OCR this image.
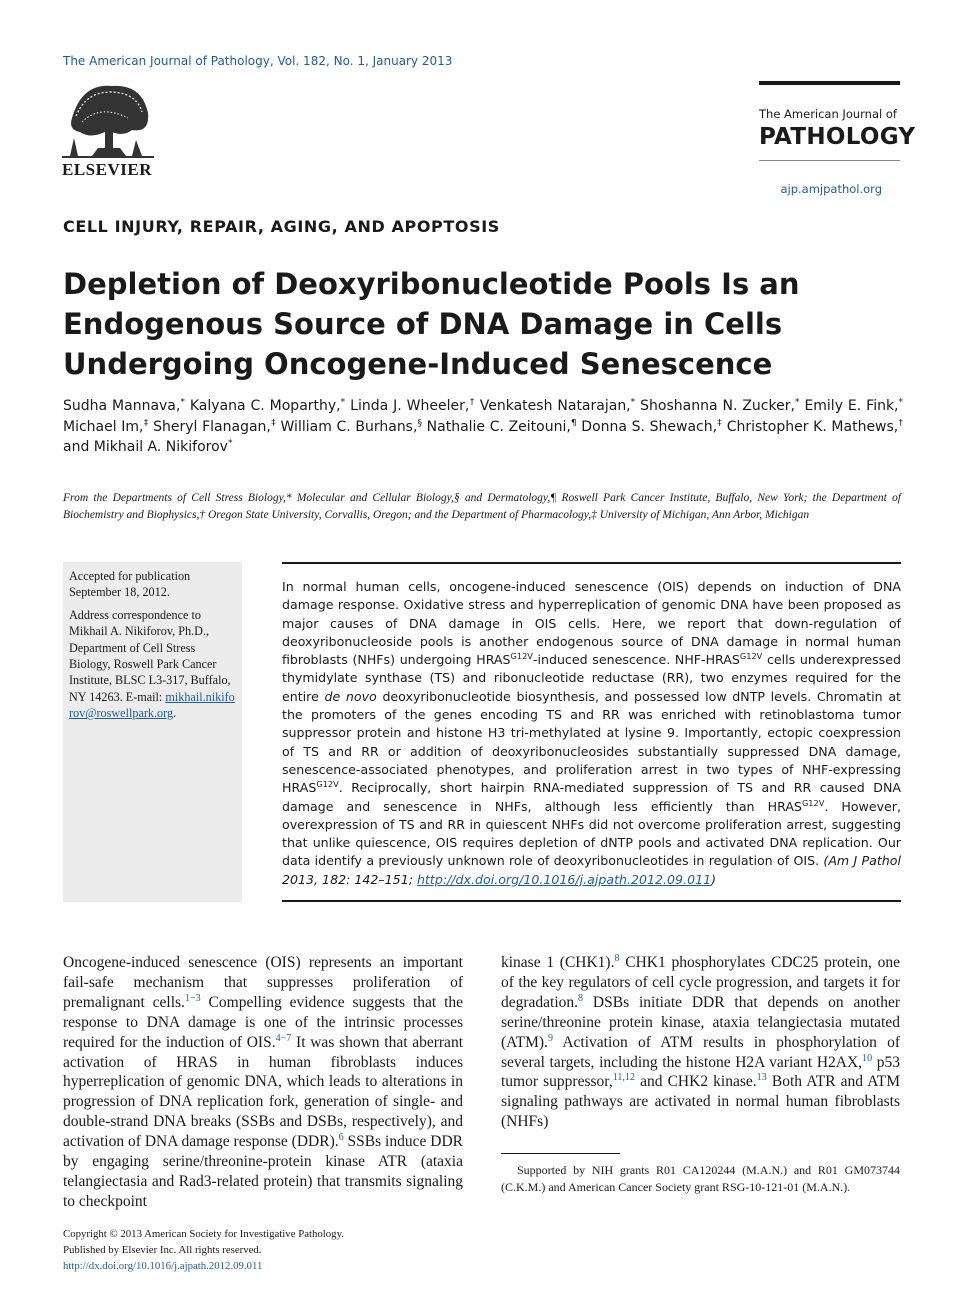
The American Journal of Pathology, Vol. 182, No. 1, January 2013
ELSEVIER
The American Journal of
PATHOLOGY
ajp.amjpathol.org
CELL INJURY, REPAIR, AGING, AND APOPTOSIS
Depletion of Deoxyribonucleotide Pools Is an Endogenous Source of DNA Damage in Cells Undergoing Oncogene-Induced Senescence
Sudha Mannava,* Kalyana C. Moparthy,* Linda J. Wheeler,† Venkatesh Natarajan,* Shoshanna N. Zucker,* Emily E. Fink,* Michael Im,‡ Sheryl Flanagan,‡ William C. Burhans,§ Nathalie C. Zeitouni,¶ Donna S. Shewach,‡ Christopher K. Mathews,† and Mikhail A. Nikiforov*
From the Departments of Cell Stress Biology,* Molecular and Cellular Biology,§ and Dermatology,¶ Roswell Park Cancer Institute, Buffalo, New York; the Department of Biochemistry and Biophysics,† Oregon State University, Corvallis, Oregon; and the Department of Pharmacology,‡ University of Michigan, Ann Arbor, Michigan
Accepted for publication September 18, 2012.
Address correspondence to Mikhail A. Nikiforov, Ph.D., Department of Cell Stress Biology, Roswell Park Cancer Institute, BLSC L3-317, Buffalo, NY 14263. E-mail: mikhail.nikiforov@roswellpark.org.
In normal human cells, oncogene-induced senescence (OIS) depends on induction of DNA damage response. Oxidative stress and hyperreplication of genomic DNA have been proposed as major causes of DNA damage in OIS cells. Here, we report that down-regulation of deoxyribonucleoside pools is another endogenous source of DNA damage in normal human fibroblasts (NHFs) undergoing $HRAS^{G12V}$-induced senescence. NHF-$HRAS^{G12V}$ cells underexpressed thymidylate synthase (TS) and ribonucleotide reductase (RR), two enzymes required for the entire de novo deoxyribonucleotide biosynthesis, and possessed low dNTP levels. Chromatin at the promoters of the genes encoding TS and RR was enriched with retinoblastoma tumor suppressor protein and histone H3 tri-methylated at lysine 9. Importantly, ectopic coexpression of TS and RR or addition of deoxyribonucleosides substantially suppressed DNA damage, senescence-associated phenotypes, and proliferation arrest in two types of NHF-expressing $HRAS^{G12V}$. Reciprocally, short hairpin RNA-mediated suppression of TS and RR caused DNA damage and senescence in NHFs, although less efficiently than $HRAS^{G12V}$. However, overexpression of TS and RR in quiescent NHFs did not overcome proliferation arrest, suggesting that unlike quiescence, OIS requires depletion of dNTP pools and activated DNA replication. Our data identify a previously unknown role of deoxyribonucleotides in regulation of OIS. (Am J Pathol 2013, 182: 142–151; http://dx.doi.org/10.1016/j.ajpath.2012.09.011)
Oncogene-induced senescence (OIS) represents an important fail-safe mechanism that suppresses proliferation of premalignant cells.$^{1-3}$ Compelling evidence suggests that the response to DNA damage is one of the intrinsic processes required for the induction of OIS.$^{4-7}$ It was shown that aberrant activation of HRAS in human fibroblasts induces hyperreplication of genomic DNA, which leads to alterations in progression of DNA replication fork, generation of single- and double-strand DNA breaks (SSBs and DSBs, respectively), and activation of DNA damage response (DDR).$^6$ SSBs induce DDR by engaging serine/threonine-protein kinase ATR (ataxia telangiectasia and Rad3-related protein) that transmits signaling to checkpoint
kinase 1 (CHK1).$^8$ CHK1 phosphorylates CDC25 protein, one of the key regulators of cell cycle progression, and targets it for degradation.$^8$ DSBs initiate DDR that depends on another serine/threonine protein kinase, ataxia telangiectasia mutated (ATM).$^9$ Activation of ATM results in phosphorylation of several targets, including the histone H2A variant H2AX,$^{10}$ p53 tumor suppressor,$^{11,12}$ and CHK2 kinase.$^{13}$ Both ATR and ATM signaling pathways are activated in normal human fibroblasts (NHFs)
Supported by NIH grants R01 CA120244 (M.A.N.) and R01 GM073744 (C.K.M.) and American Cancer Society grant RSG-10-121-01 (M.A.N.).
Copyright © 2013 American Society for Investigative Pathology.
Published by Elsevier Inc. All rights reserved.
http://dx.doi.org/10.1016/j.ajpath.2012.09.011
